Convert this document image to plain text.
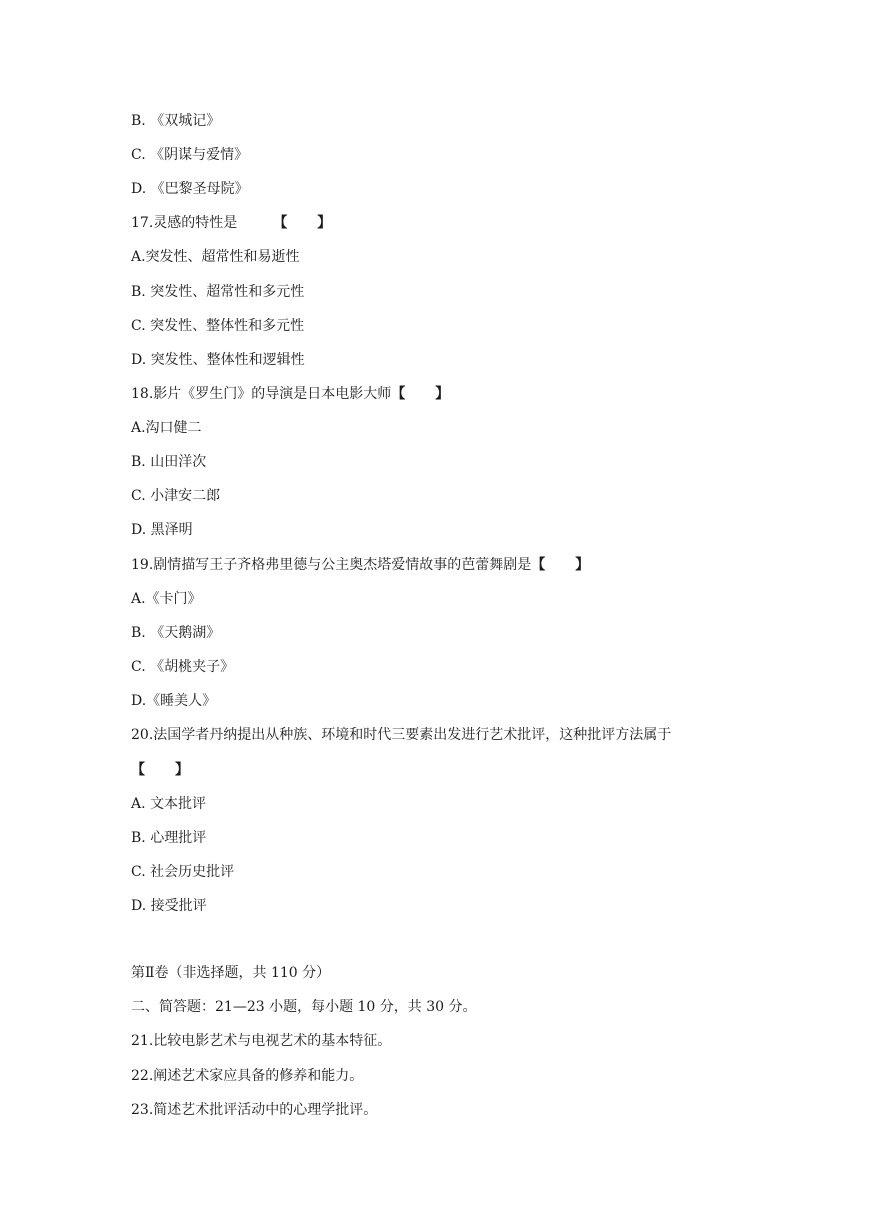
B. 《双城记》
C. 《阴谋与爱情》
D. 《巴黎圣母院》
17.灵感的特性是	【 】
A.突发性、超常性和易逝性
B. 突发性、超常性和多元性
C. 突发性、整体性和多元性
D. 突发性、整体性和逻辑性
18.影片《罗生门》的导演是日本电影大师【 】
A.沟口健二
B. 山田洋次
C. 小津安二郎
D. 黑泽明
19.剧情描写王子齐格弗里德与公主奥杰塔爱情故事的芭蕾舞剧是【 】
A.《卡门》
B. 《天鹅湖》
C. 《胡桃夹子》
D.《睡美人》
20.法国学者丹纳提出从种族、环境和时代三要素出发进行艺术批评，这种批评方法属于
【 】
A. 文本批评
B. 心理批评
C. 社会历史批评
D. 接受批评
第Ⅱ卷（非选择题，共 110 分）
二、简答题：21—23 小题，每小题 10 分，共 30 分。
21.比较电影艺术与电视艺术的基本特征。
22.阐述艺术家应具备的修养和能力。
23.简述艺术批评活动中的心理学批评。
